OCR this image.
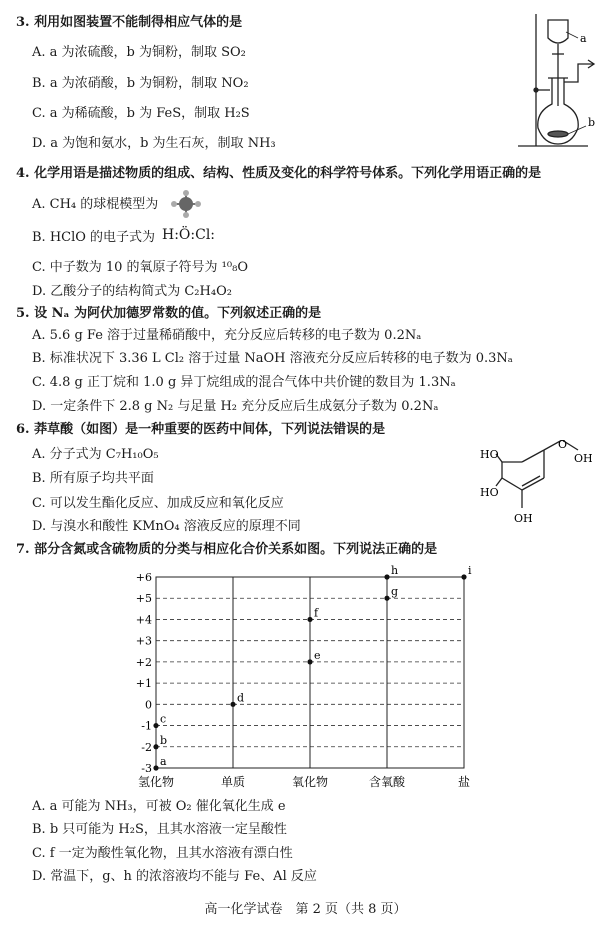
3. 利用如图装置不能制得相应气体的是
A. a 为浓硫酸，b 为铜粉，制取 SO₂
B. a 为浓硝酸，b 为铜粉，制取 NO₂
C. a 为稀硫酸，b 为 FeS，制取 H₂S
D. a 为饱和氨水，b 为生石灰，制取 NH₃
a
b
4. 化学用语是描述物质的组成、结构、性质及变化的科学符号体系。下列化学用语正确的是
A. CH₄ 的球棍模型为
B. HClO 的电子式为 H:Ö:Cl:
C. 中子数为 10 的氧原子符号为 ¹⁰₈O
D. 乙酸分子的结构简式为 C₂H₄O₂
5. 设 Nₐ 为阿伏加德罗常数的值。下列叙述正确的是
A. 5.6 g Fe 溶于过量稀硝酸中，充分反应后转移的电子数为 0.2Nₐ
B. 标准状况下 3.36 L Cl₂ 溶于过量 NaOH 溶液充分反应后转移的电子数为 0.3Nₐ
C. 4.8 g 正丁烷和 1.0 g 异丁烷组成的混合气体中共价键的数目为 1.3Nₐ
D. 一定条件下 2.8 g N₂ 与足量 H₂ 充分反应后生成氨分子数为 0.2Nₐ
6. 莽草酸（如图）是一种重要的医药中间体，下列说法错误的是
A. 分子式为 C₇H₁₀O₅
B. 所有原子均共平面
C. 可以发生酯化反应、加成反应和氧化反应
D. 与溴水和酸性 KMnO₄ 溶液反应的原理不同
HO
HO
OH
O
OH
7. 部分含氮或含硫物质的分类与相应化合价关系如图。下列说法正确的是
+6
+5
+4
+3
+2
+1
0
-1
-2
-3
氢化物	单质	氧化物	含氧酸	盐
a
b
c
d
e
f
g
h	i
A. a 可能为 NH₃，可被 O₂ 催化氧化生成 e
B. b 只可能为 H₂S，且其水溶液一定呈酸性
C. f 一定为酸性氧化物，且其水溶液有漂白性
D. 常温下，g、h 的浓溶液均不能与 Fe、Al 反应
高一化学试卷　第 2 页（共 8 页）
